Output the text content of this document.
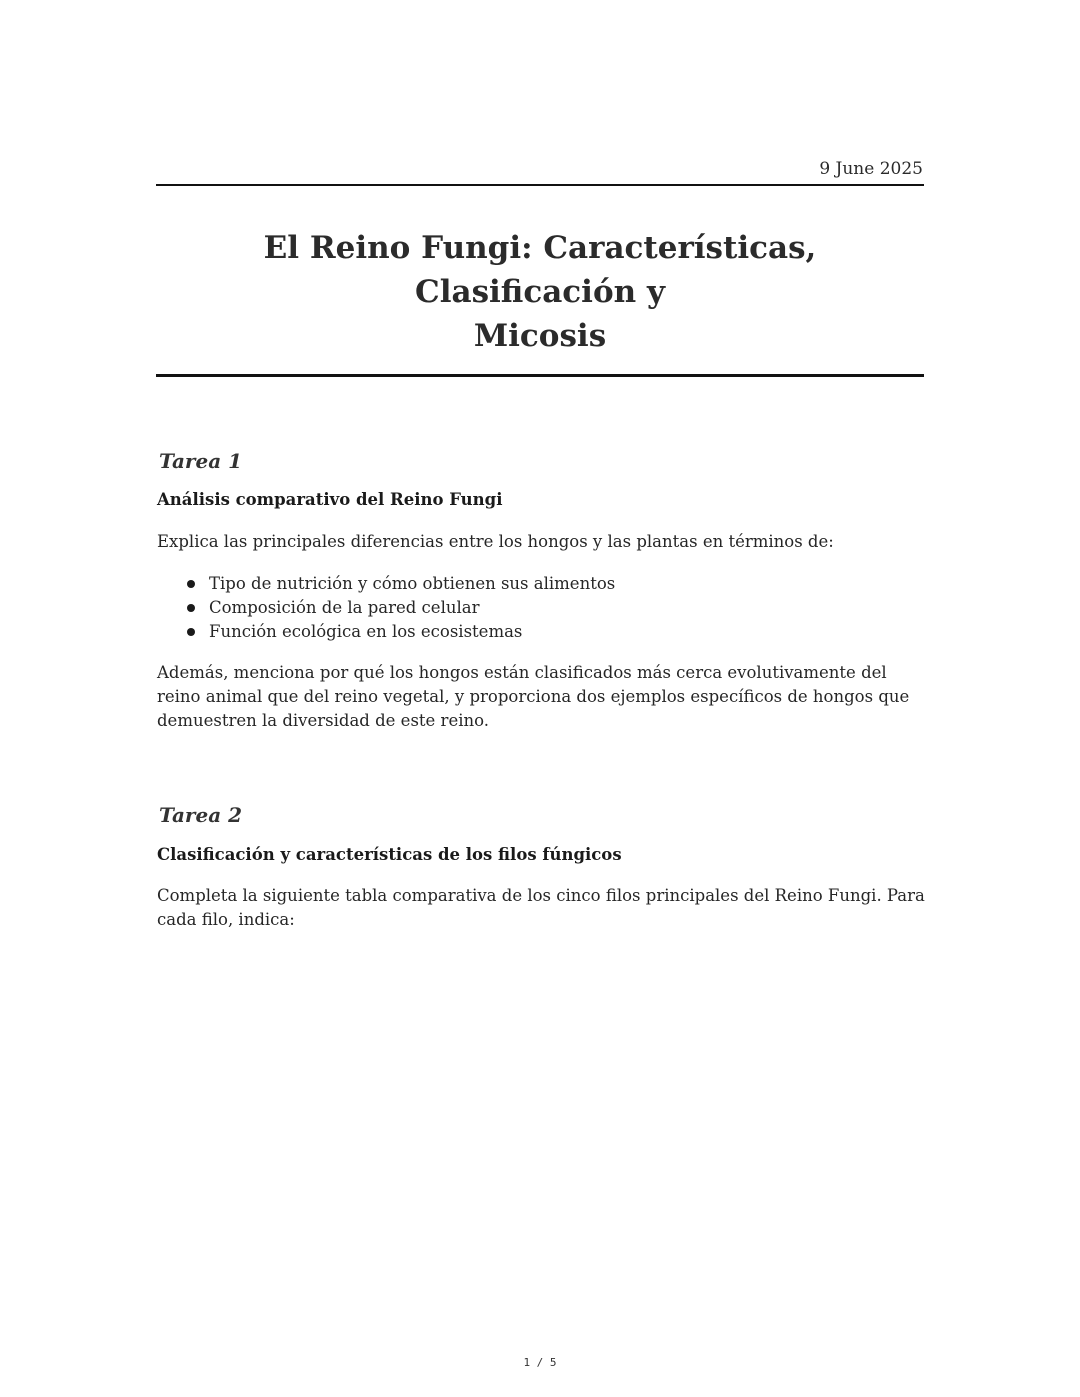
9 June 2025
El Reino Fungi: Características, Clasificación y
Micosis
Tarea 1
Análisis comparativo del Reino Fungi

Explica las principales diferencias entre los hongos y las plantas en términos de:

Tipo de nutrición y cómo obtienen sus alimentos
Composición de la pared celular
Función ecológica en los ecosistemas

Además, menciona por qué los hongos están clasificados más cerca evolutivamente del
reino animal que del reino vegetal, y proporciona dos ejemplos específicos de hongos que
demuestren la diversidad de este reino.

Tarea 2
Clasificación y características de los filos fúngicos

Completa la siguiente tabla comparativa de los cinco filos principales del Reino Fungi. Para
cada filo, indica:

1 / 5
